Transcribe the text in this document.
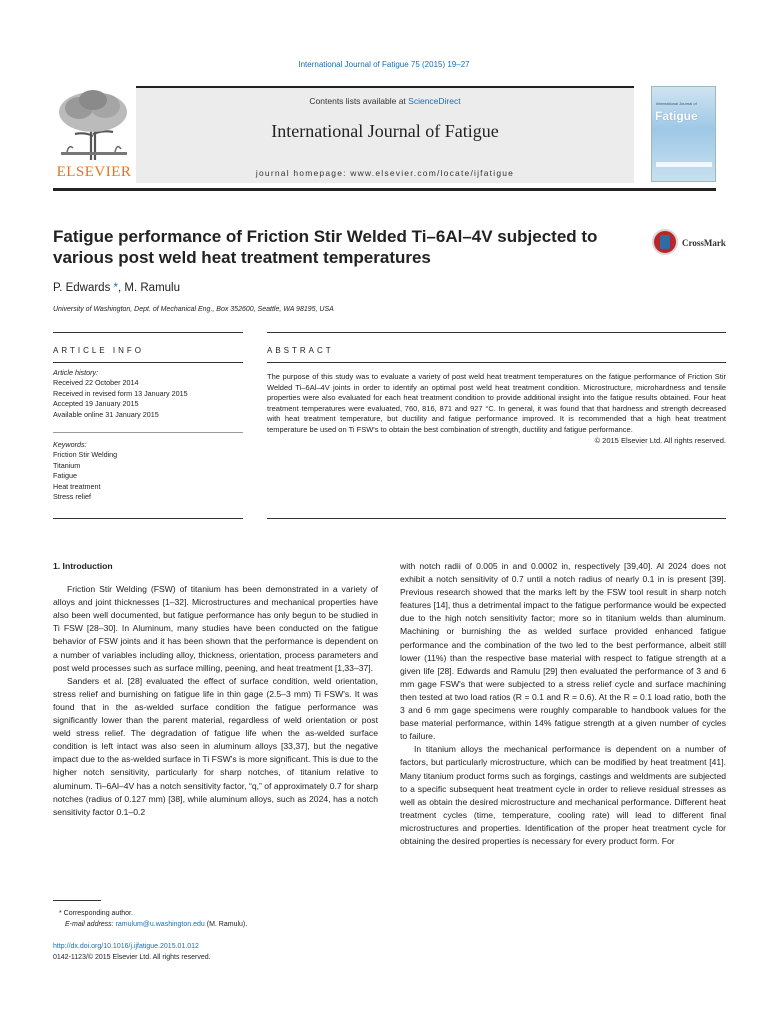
International Journal of Fatigue 75 (2015) 19–27
ELSEVIER
Contents lists available at ScienceDirect
International Journal of Fatigue
journal homepage: www.elsevier.com/locate/ijfatigue
International Journal of
Fatigue
Fatigue performance of Friction Stir Welded Ti–6Al–4V subjected to various post weld heat treatment temperatures
CrossMark
P. Edwards *, M. Ramulu
University of Washington, Dept. of Mechanical Eng., Box 352600, Seattle, WA 98195, USA
ARTICLE INFO	ABSTRACT
Article history:
Received 22 October 2014
Received in revised form 13 January 2015
Accepted 19 January 2015
Available online 31 January 2015
Keywords:
Friction Stir Welding
Titanium
Fatigue
Heat treatment
Stress relief
The purpose of this study was to evaluate a variety of post weld heat treatment temperatures on the fatigue performance of Friction Stir Welded Ti–6Al–4V joints in order to identify an optimal post weld heat treatment condition. Microstructure, microhardness and tensile properties were also evaluated for each heat treatment condition to provide additional insight into the fatigue results obtained. Four heat treatment temperatures were evaluated, 760, 816, 871 and 927 °C. In general, it was found that that hardness and strength decreased with heat treatment temperature, but ductility and fatigue performance improved. It is recommended that a high heat treatment temperature be used on Ti FSW's to obtain the best combination of strength, ductility and fatigue performance.
© 2015 Elsevier Ltd. All rights reserved.

1. Introduction

Friction Stir Welding (FSW) of titanium has been demonstrated in a variety of alloys and joint thicknesses [1–32]. Microstructures and mechanical properties have also been well documented, but fatigue performance has only begun to be studied in Ti FSW [28–30]. In Aluminum, many studies have been conducted on the fatigue behavior of FSW joints and it has been shown that the performance is dependent on a number of variables including alloy, thickness, orientation, process parameters and post weld processes such as surface milling, peening, and heat treatment [1,33–37].

Sanders et al. [28] evaluated the effect of surface condition, weld orientation, stress relief and burnishing on fatigue life in thin gage (2.5–3 mm) Ti FSW's. It was found that in the as-welded surface condition the fatigue performance was significantly lower than the parent material, regardless of weld orientation or post weld stress relief. The degradation of fatigue life when the as-welded surface condition is left intact was also seen in aluminum alloys [33,37], but the negative impact due to the as-welded surface in Ti FSW's is more significant. This is due to the higher notch sensitivity, particularly for sharp notches, of titanium relative to aluminum. Ti–6Al–4V has a notch sensitivity factor, “q,” of approximately 0.7 for sharp notches (radius of 0.127 mm) [38], while aluminum alloys, such as 2024, has a notch sensitivity factor 0.1–0.2

with notch radii of 0.005 in and 0.0002 in, respectively [39,40]. Al 2024 does not exhibit a notch sensitivity of 0.7 until a notch radius of nearly 0.1 in is present [39]. Previous research showed that the marks left by the FSW tool result in sharp notch features [14], thus a detrimental impact to the fatigue performance would be expected due to the high notch sensitivity factor; more so in titanium welds than aluminum. Machining or burnishing the as welded surface provided enhanced fatigue performance and the combination of the two led to the best performance, albeit still lower (11%) than the respective base material with respect to fatigue strength at a given life [28]. Edwards and Ramulu [29] then evaluated the performance of 3 and 6 mm gage FSW's that were subjected to a stress relief cycle and surface machining then tested at two load ratios (R = 0.1 and R = 0.6). At the R = 0.1 load ratio, both the 3 and 6 mm gage specimens were roughly comparable to handbook values for the base material performance, within 14% fatigue strength at a given number of cycles to failure.

In titanium alloys the mechanical performance is dependent on a number of factors, but particularly microstructure, which can be modified by heat treatment [41]. Many titanium product forms such as forgings, castings and weldments are subjected to a specific subsequent heat treatment cycle in order to relieve residual stresses as well as obtain the desired microstructure and mechanical performance. Different heat treatment cycles (time, temperature, cooling rate) will lead to different final microstructures and properties. Identification of the proper heat treatment cycle for obtaining the desired properties is necessary for every product form. For

* Corresponding author.
E-mail address: ramulum@u.washington.edu (M. Ramulu).
http://dx.doi.org/10.1016/j.ijfatigue.2015.01.012
0142-1123/© 2015 Elsevier Ltd. All rights reserved.
